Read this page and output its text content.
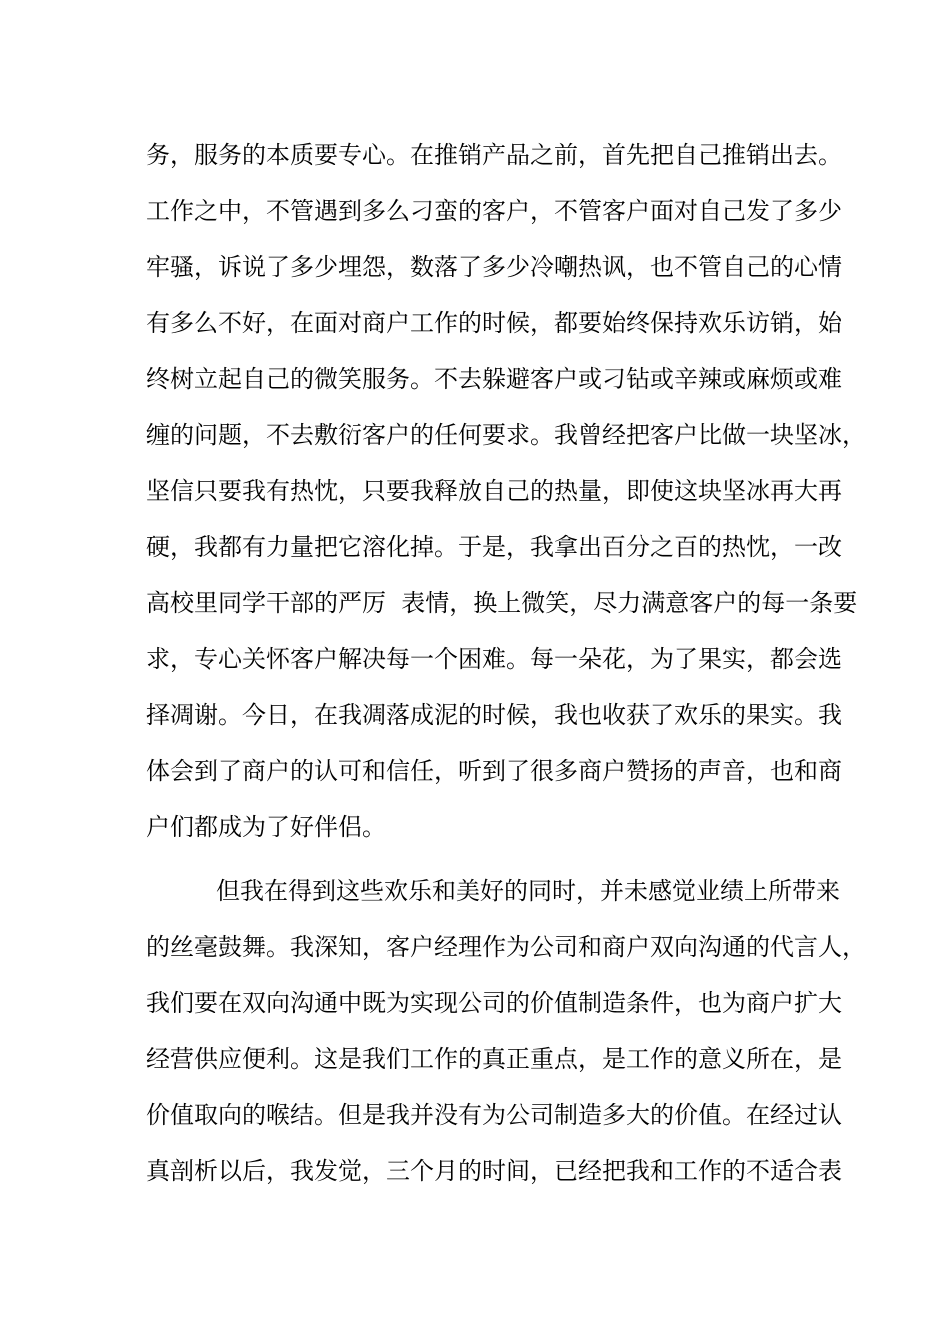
务，服务的本质要专心。在推销产品之前，首先把自己推销出去。
工作之中，不管遇到多么刁蛮的客户，不管客户面对自己发了多少
牢骚，诉说了多少埋怨，数落了多少冷嘲热讽，也不管自己的心情
有多么不好，在面对商户工作的时候，都要始终保持欢乐访销，始
终树立起自己的微笑服务。不去躲避客户或刁钻或辛辣或麻烦或难
缠的问题，不去敷衍客户的任何要求。我曾经把客户比做一块坚冰，
坚信只要我有热忱，只要我释放自己的热量，即使这块坚冰再大再
硬，我都有力量把它溶化掉。于是，我拿出百分之百的热忱，一改
高校里同学干部的严厉  表情，换上微笑，尽力满意客户的每一条要
求，专心关怀客户解决每一个困难。每一朵花，为了果实，都会选
择凋谢。今日，在我凋落成泥的时候，我也收获了欢乐的果实。我
体会到了商户的认可和信任，听到了很多商户赞扬的声音，也和商
户们都成为了好伴侣。
但我在得到这些欢乐和美好的同时，并未感觉业绩上所带来
的丝毫鼓舞。我深知，客户经理作为公司和商户双向沟通的代言人，
我们要在双向沟通中既为实现公司的价值制造条件，也为商户扩大
经营供应便利。这是我们工作的真正重点，是工作的意义所在，是
价值取向的喉结。但是我并没有为公司制造多大的价值。在经过认
真剖析以后，我发觉，三个月的时间，已经把我和工作的不适合表
